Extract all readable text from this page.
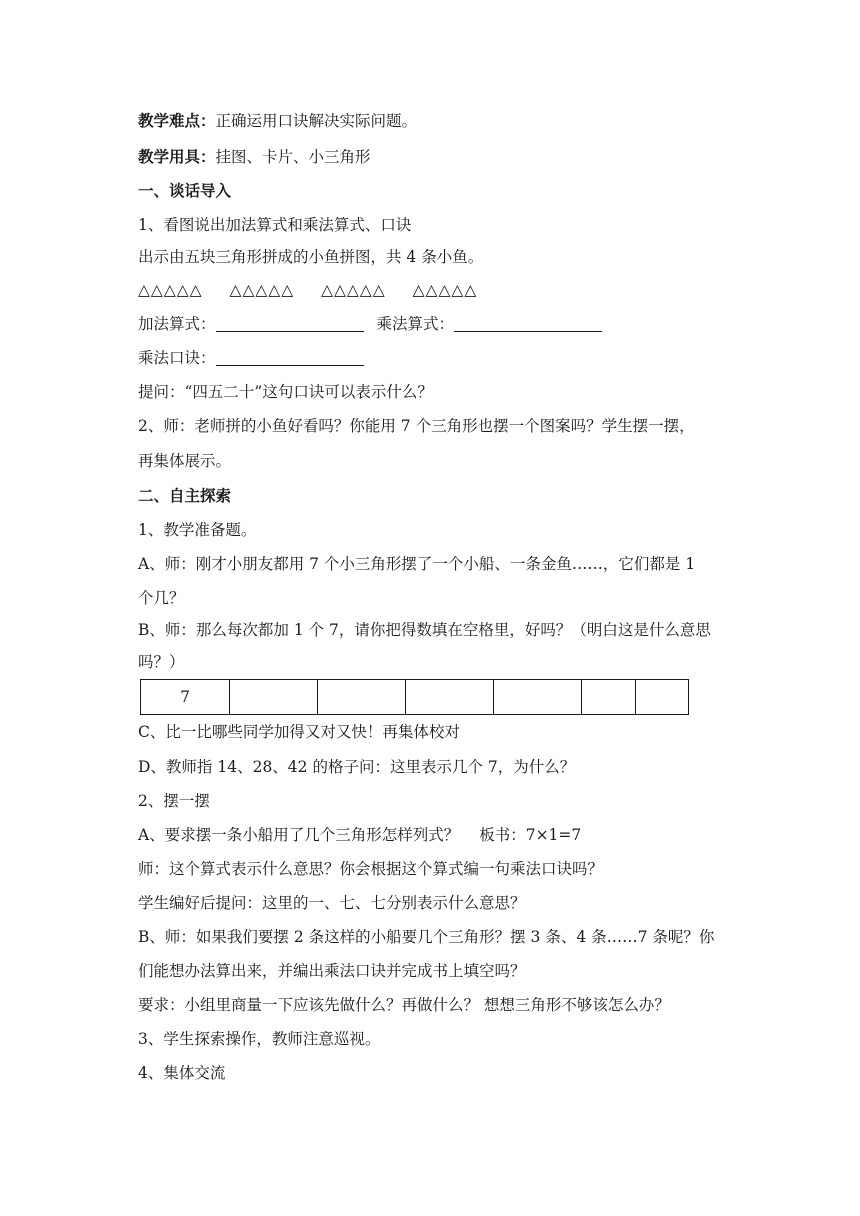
教学难点：正确运用口诀解决实际问题。
教学用具：挂图、卡片、小三角形
一、谈话导入
1、看图说出加法算式和乘法算式、口诀
出示由五块三角形拼成的小鱼拼图，共 4 条小鱼。
△△△△△ △△△△△ △△△△△ △△△△△
加法算式：	乘法算式：
乘法口诀：
提问：“四五二十”这句口诀可以表示什么？
2、师：老师拼的小鱼好看吗？你能用 7 个三角形也摆一个图案吗？学生摆一摆，
再集体展示。
二、自主探索
1、教学准备题。
A、师：刚才小朋友都用 7 个小三角形摆了一个小船、一条金鱼……，它们都是 1
个几？
B、师：那么每次都加 1 个 7，请你把得数填在空格里，好吗？（明白这是什么意思
吗？）
7						
C、比一比哪些同学加得又对又快！再集体校对
D、教师指 14、28、42 的格子问：这里表示几个 7，为什么？
2、摆一摆
A、要求摆一条小船用了几个三角形怎样列式？ 板书：7×1=7
师：这个算式表示什么意思？你会根据这个算式编一句乘法口诀吗？
学生编好后提问：这里的一、七、七分别表示什么意思？
B、师：如果我们要摆 2 条这样的小船要几个三角形？摆 3 条、4 条……7 条呢？你
们能想办法算出来，并编出乘法口诀并完成书上填空吗？
要求：小组里商量一下应该先做什么？再做什么？ 想想三角形不够该怎么办？
3、学生探索操作，教师注意巡视。
4、集体交流
